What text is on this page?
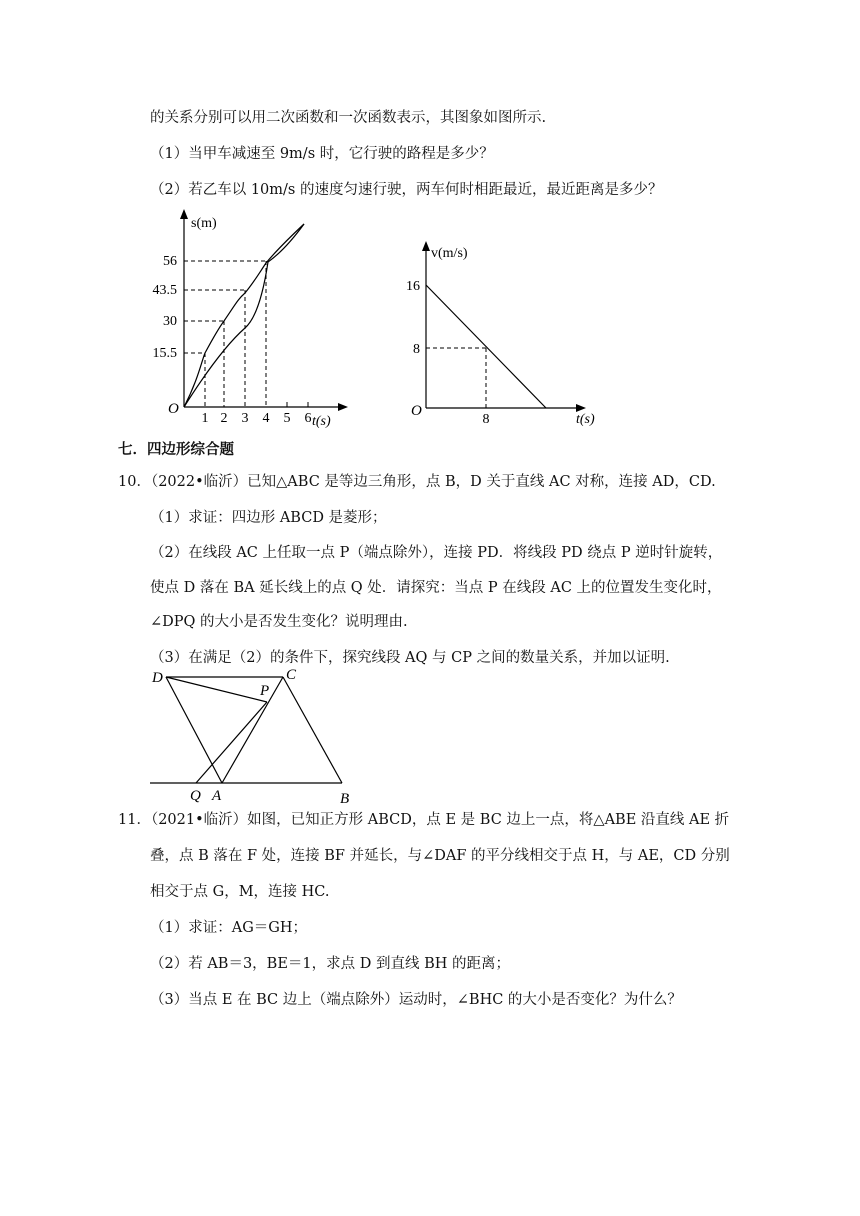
的关系分别可以用二次函数和一次函数表示，其图象如图所示.
（1）当甲车减速至 9m/s 时，它行驶的路程是多少？
（2）若乙车以 10m/s 的速度匀速行驶，两车何时相距最近，最近距离是多少？
s(m)
t(s)
O
56
43.5
30
15.5
1 2 3 4 5 6
v(m/s)
t(s)
O
16
8
8
七．四边形综合题
10．（2022•临沂）已知△ABC 是等边三角形，点 B，D 关于直线 AC 对称，连接 AD，CD.
（1）求证：四边形 ABCD 是菱形；
（2）在线段 AC 上任取一点 P（端点除外），连接 PD．将线段 PD 绕点 P 逆时针旋转，
使点 D 落在 BA 延长线上的点 Q 处．请探究：当点 P 在线段 AC 上的位置发生变化时，
∠DPQ 的大小是否发生变化？说明理由.
（3）在满足（2）的条件下，探究线段 AQ 与 CP 之间的数量关系，并加以证明.
D	C
P
Q A	B
11．（2021•临沂）如图，已知正方形 ABCD，点 E 是 BC 边上一点，将△ABE 沿直线 AE 折
叠，点 B 落在 F 处，连接 BF 并延长，与∠DAF 的平分线相交于点 H，与 AE，CD 分别
相交于点 G，M，连接 HC.
（1）求证：AG＝GH；
（2）若 AB＝3，BE＝1，求点 D 到直线 BH 的距离；
（3）当点 E 在 BC 边上（端点除外）运动时，∠BHC 的大小是否变化？为什么？
